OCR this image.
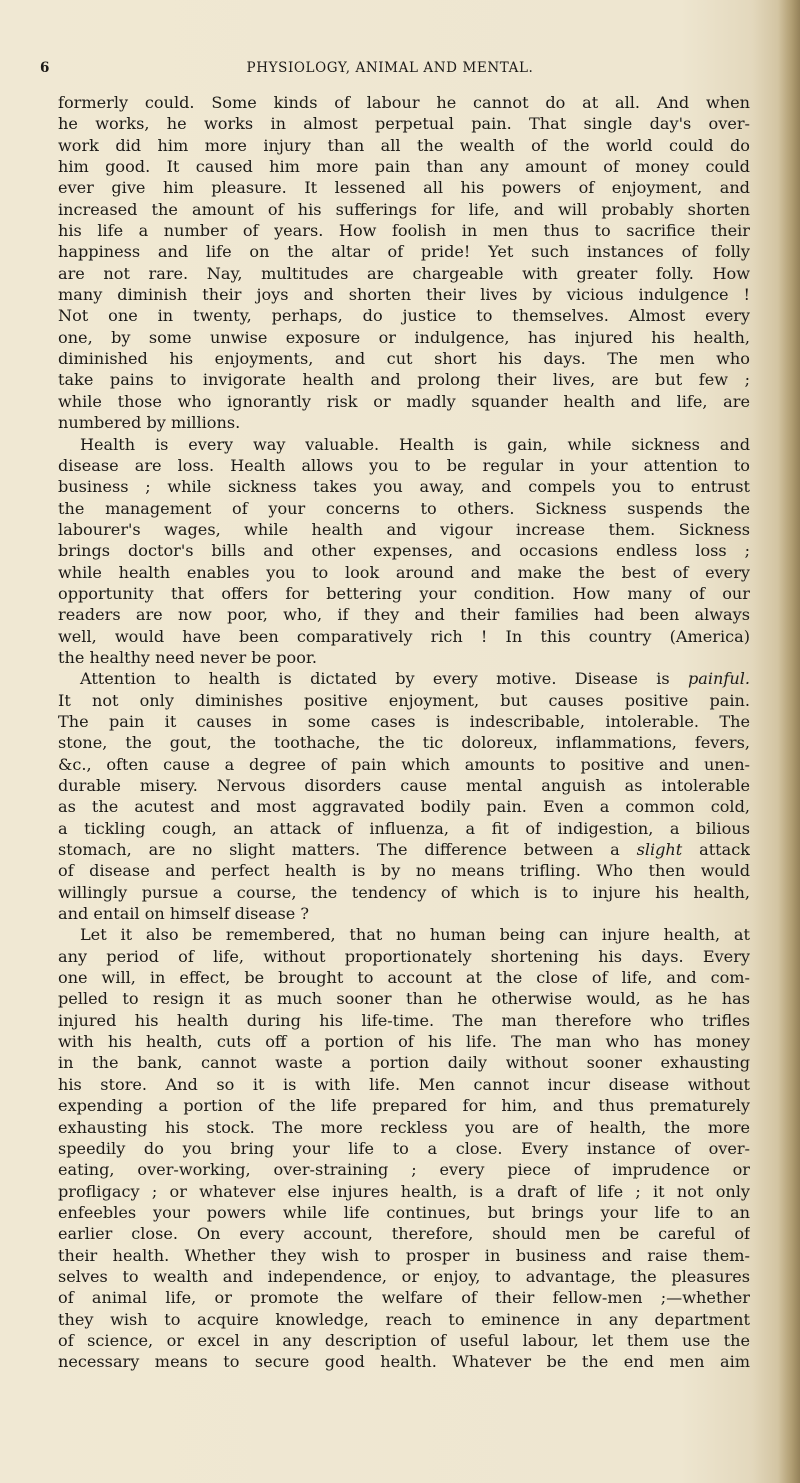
6	PHYSIOLOGY, ANIMAL AND MENTAL.
formerly could. Some kinds of labour he cannot do at all. And when
he works, he works in almost perpetual pain. That single day's over-
work did him more injury than all the wealth of the world could do
him good. It caused him more pain than any amount of money could
ever give him pleasure. It lessened all his powers of enjoyment, and
increased the amount of his sufferings for life, and will probably shorten
his life a number of years. How foolish in men thus to sacrifice their
happiness and life on the altar of pride! Yet such instances of folly
are not rare. Nay, multitudes are chargeable with greater folly. How
many diminish their joys and shorten their lives by vicious indulgence !
Not one in twenty, perhaps, do justice to themselves. Almost every
one, by some unwise exposure or indulgence, has injured his health,
diminished his enjoyments, and cut short his days. The men who
take pains to invigorate health and prolong their lives, are but few ;
while those who ignorantly risk or madly squander health and life, are
numbered by millions.
Health is every way valuable. Health is gain, while sickness and
disease are loss. Health allows you to be regular in your attention to
business ; while sickness takes you away, and compels you to entrust
the management of your concerns to others. Sickness suspends the
labourer's wages, while health and vigour increase them. Sickness
brings doctor's bills and other expenses, and occasions endless loss ;
while health enables you to look around and make the best of every
opportunity that offers for bettering your condition. How many of our
readers are now poor, who, if they and their families had been always
well, would have been comparatively rich ! In this country (America)
the healthy need never be poor.
Attention to health is dictated by every motive. Disease is painful.
It not only diminishes positive enjoyment, but causes positive pain.
The pain it causes in some cases is indescribable, intolerable. The
stone, the gout, the toothache, the tic doloreux, inflammations, fevers,
&c., often cause a degree of pain which amounts to positive and unen-
durable misery. Nervous disorders cause mental anguish as intolerable
as the acutest and most aggravated bodily pain. Even a common cold,
a tickling cough, an attack of influenza, a fit of indigestion, a bilious
stomach, are no slight matters. The difference between a slight attack
of disease and perfect health is by no means trifling. Who then would
willingly pursue a course, the tendency of which is to injure his health,
and entail on himself disease ?
Let it also be remembered, that no human being can injure health, at
any period of life, without proportionately shortening his days. Every
one will, in effect, be brought to account at the close of life, and com-
pelled to resign it as much sooner than he otherwise would, as he has
injured his health during his life-time. The man therefore who trifles
with his health, cuts off a portion of his life. The man who has money
in the bank, cannot waste a portion daily without sooner exhausting
his store. And so it is with life. Men cannot incur disease without
expending a portion of the life prepared for him, and thus prematurely
exhausting his stock. The more reckless you are of health, the more
speedily do you bring your life to a close. Every instance of over-
eating, over-working, over-straining ; every piece of imprudence or
profligacy ; or whatever else injures health, is a draft of life ; it not only
enfeebles your powers while life continues, but brings your life to an
earlier close. On every account, therefore, should men be careful of
their health. Whether they wish to prosper in business and raise them-
selves to wealth and independence, or enjoy, to advantage, the pleasures
of animal life, or promote the welfare of their fellow-men ;—whether
they wish to acquire knowledge, reach to eminence in any department
of science, or excel in any description of useful labour, let them use the
necessary means to secure good health. Whatever be the end men aim
